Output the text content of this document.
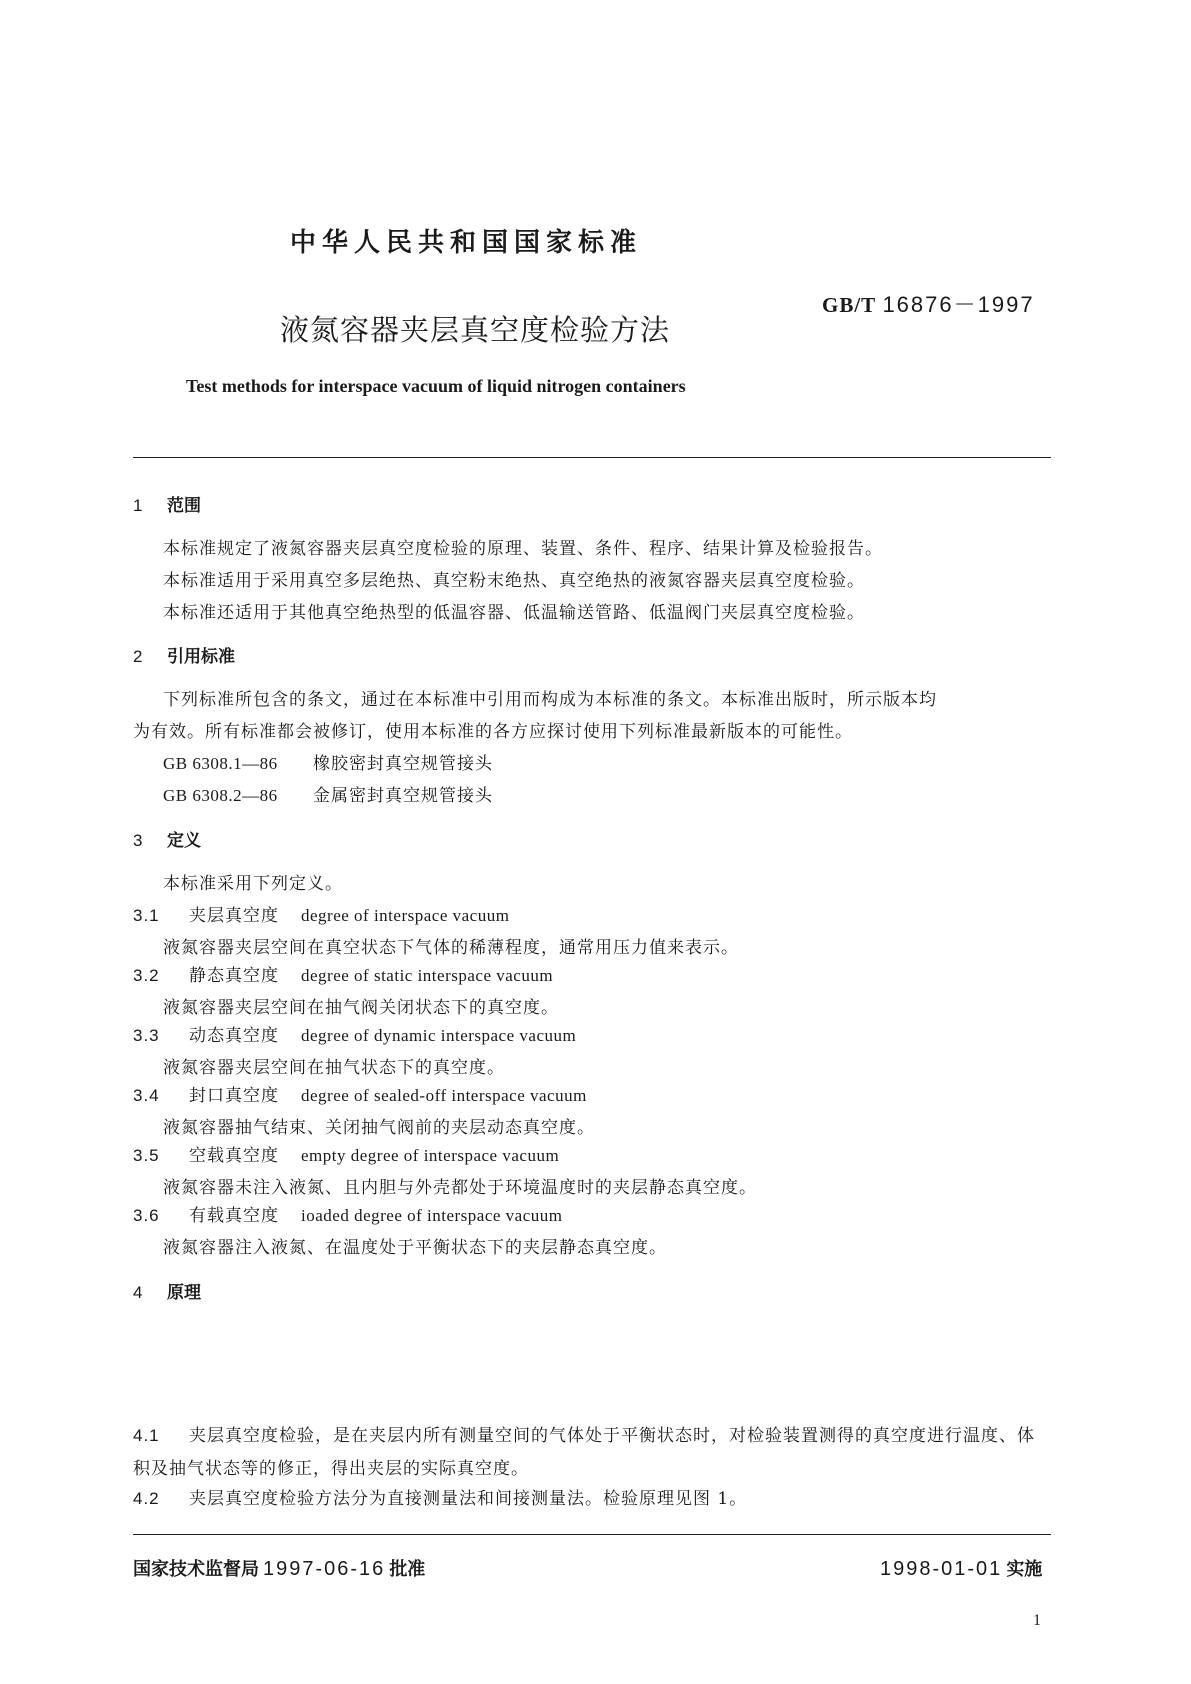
中华人民共和国国家标准
GB/T 16876－1997
液氮容器夹层真空度检验方法
Test methods for interspace vacuum of liquid nitrogen containers
1 范围
本标准规定了液氮容器夹层真空度检验的原理、装置、条件、程序、结果计算及检验报告。
本标准适用于采用真空多层绝热、真空粉末绝热、真空绝热的液氮容器夹层真空度检验。
本标准还适用于其他真空绝热型的低温容器、低温输送管路、低温阀门夹层真空度检验。
2 引用标准
下列标准所包含的条文，通过在本标准中引用而构成为本标准的条文。本标准出版时，所示版本均
为有效。所有标准都会被修订，使用本标准的各方应探讨使用下列标准最新版本的可能性。
GB 6308.1—86 橡胶密封真空规管接头
GB 6308.2—86 金属密封真空规管接头
3 定义
本标准采用下列定义。
3.1 夹层真空度 degree of interspace vacuum
液氮容器夹层空间在真空状态下气体的稀薄程度，通常用压力值来表示。
3.2 静态真空度 degree of static interspace vacuum
液氮容器夹层空间在抽气阀关闭状态下的真空度。
3.3 动态真空度 degree of dynamic interspace vacuum
液氮容器夹层空间在抽气状态下的真空度。
3.4 封口真空度 degree of sealed-off interspace vacuum
液氮容器抽气结束、关闭抽气阀前的夹层动态真空度。
3.5 空载真空度 empty degree of interspace vacuum
液氮容器未注入液氮、且内胆与外壳都处于环境温度时的夹层静态真空度。
3.6 有载真空度 ioaded degree of interspace vacuum
液氮容器注入液氮、在温度处于平衡状态下的夹层静态真空度。
4 原理
4.1 夹层真空度检验，是在夹层内所有测量空间的气体处于平衡状态时，对检验装置测得的真空度进行温度、体积及抽气状态等的修正，得出夹层的实际真空度。
4.2 夹层真空度检验方法分为直接测量法和间接测量法。检验原理见图 1。
国家技术监督局 1997-06-16 批准	1998-01-01 实施
1
